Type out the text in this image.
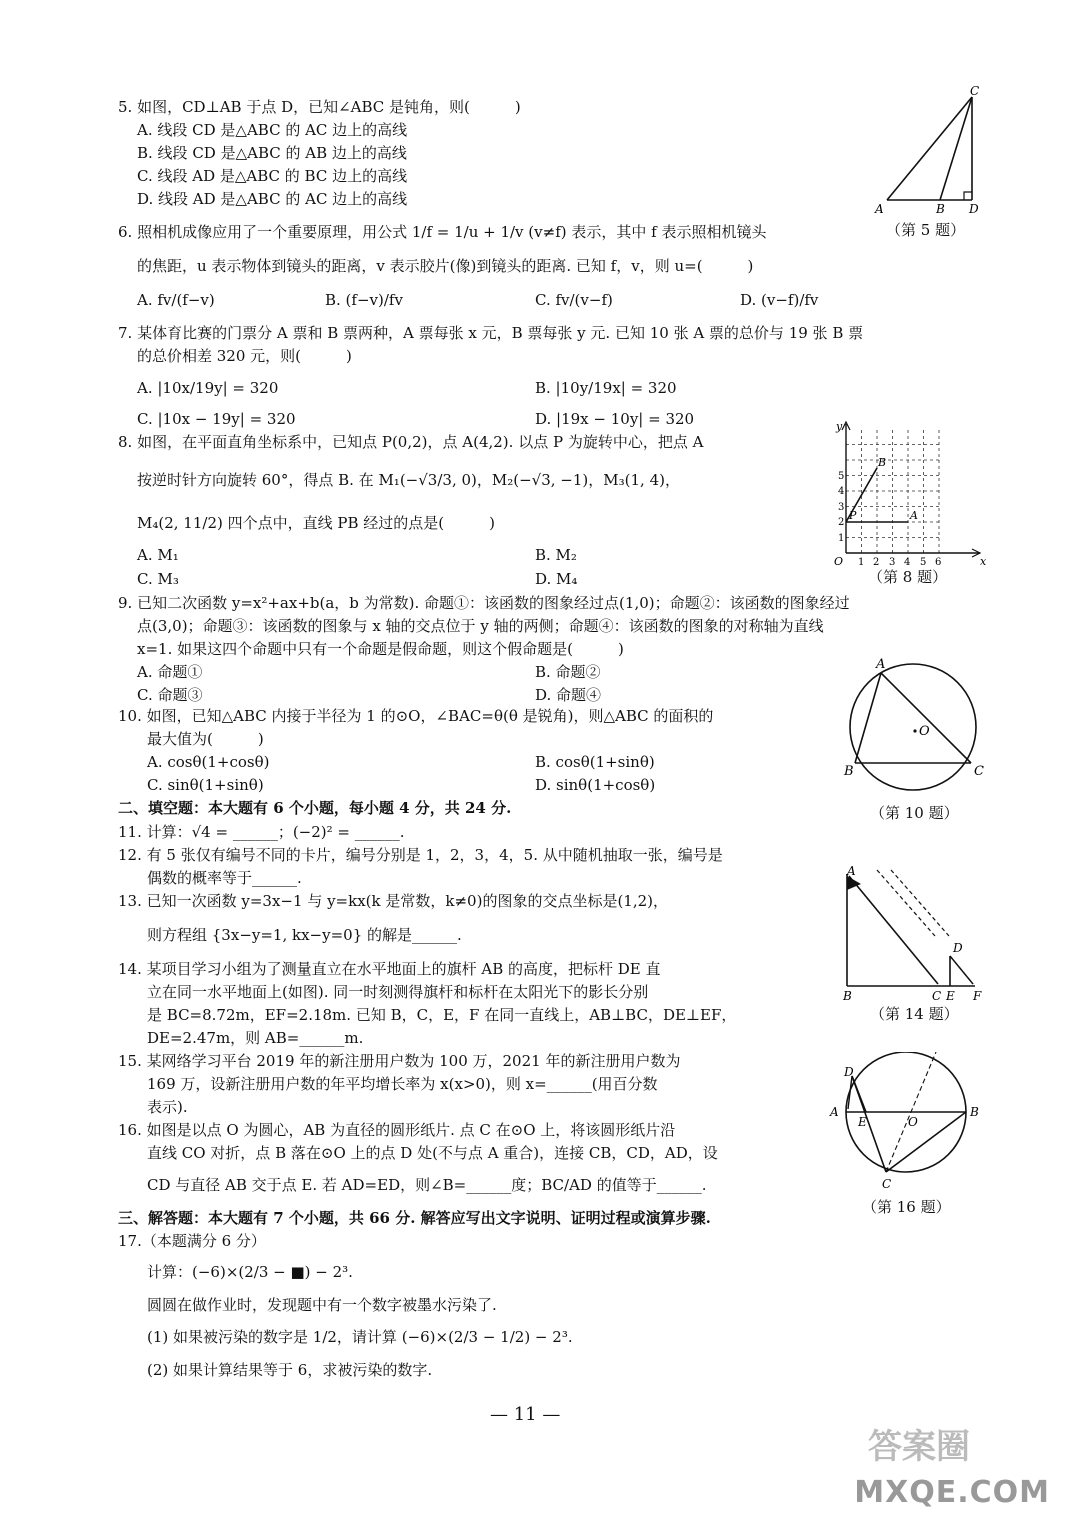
5. 如图，CD⊥AB 于点 D，已知∠ABC 是钝角，则(　　　)
A. 线段 CD 是△ABC 的 AC 边上的高线
B. 线段 CD 是△ABC 的 AB 边上的高线
C. 线段 AD 是△ABC 的 BC 边上的高线
D. 线段 AD 是△ABC 的 AC 边上的高线
6. 照相机成像应用了一个重要原理，用公式 1/f = 1/u + 1/v (v≠f) 表示，其中 f 表示照相机镜头
的焦距，u 表示物体到镜头的距离，v 表示胶片(像)到镜头的距离. 已知 f，v，则 u=(　　　)
A. fv/(f−v)	B. (f−v)/fv	C. fv/(v−f)	D. (v−f)/fv
7. 某体育比赛的门票分 A 票和 B 票两种，A 票每张 x 元，B 票每张 y 元. 已知 10 张 A 票的总价与 19 张 B 票
的总价相差 320 元，则(　　　)
A. |10x/19y| = 320	B. |10y/19x| = 320
C. |10x − 19y| = 320	D. |19x − 10y| = 320
8. 如图，在平面直角坐标系中，已知点 P(0,2)，点 A(4,2). 以点 P 为旋转中心，把点 A
按逆时针方向旋转 60°，得点 B. 在 M₁(−√3/3, 0)，M₂(−√3, −1)，M₃(1, 4)，
M₄(2, 11/2) 四个点中，直线 PB 经过的点是(　　　)
A. M₁	B. M₂
C. M₃	D. M₄
9. 已知二次函数 y=x²+ax+b(a，b 为常数). 命题①：该函数的图象经过点(1,0)；命题②：该函数的图象经过
点(3,0)；命题③：该函数的图象与 x 轴的交点位于 y 轴的两侧；命题④：该函数的图象的对称轴为直线
x=1. 如果这四个命题中只有一个命题是假命题，则这个假命题是(　　　)
A. 命题①	B. 命题②
C. 命题③	D. 命题④
10. 如图，已知△ABC 内接于半径为 1 的⊙O，∠BAC=θ(θ 是锐角)，则△ABC 的面积的
最大值为(　　　)
A. cosθ(1+cosθ)	B. cosθ(1+sinθ)
C. sinθ(1+sinθ)	D. sinθ(1+cosθ)
二、填空题：本大题有 6 个小题，每小题 4 分，共 24 分.
11. 计算：√4 = ______；(−2)² = ______.
12. 有 5 张仅有编号不同的卡片，编号分别是 1，2，3，4，5. 从中随机抽取一张，编号是
偶数的概率等于______.
13. 已知一次函数 y=3x−1 与 y=kx(k 是常数，k≠0)的图象的交点坐标是(1,2)，
则方程组 {3x−y=1, kx−y=0} 的解是______.
14. 某项目学习小组为了测量直立在水平地面上的旗杆 AB 的高度，把标杆 DE 直
立在同一水平地面上(如图). 同一时刻测得旗杆和标杆在太阳光下的影长分别
是 BC=8.72m，EF=2.18m. 已知 B，C，E，F 在同一直线上，AB⊥BC，DE⊥EF，
DE=2.47m，则 AB=______m.
15. 某网络学习平台 2019 年的新注册用户数为 100 万，2021 年的新注册用户数为
169 万，设新注册用户数的年平均增长率为 x(x>0)，则 x=______(用百分数
表示).
16. 如图是以点 O 为圆心，AB 为直径的圆形纸片. 点 C 在⊙O 上，将该圆形纸片沿
直线 CO 对折，点 B 落在⊙O 上的点 D 处(不与点 A 重合)，连接 CB，CD，AD，设
CD 与直径 AB 交于点 E. 若 AD=ED，则∠B=______度；BC/AD 的值等于______.
三、解答题：本大题有 7 个小题，共 66 分. 解答应写出文字说明、证明过程或演算步骤.
17.（本题满分 6 分）
计算：(−6)×(2/3 − ■) − 2³.
圆圆在做作业时，发现题中有一个数字被墨水污染了.
(1) 如果被污染的数字是 1/2，请计算 (−6)×(2/3 − 1/2) − 2³.
(2) 如果计算结果等于 6，求被污染的数字.
C
A	B D
（第 5 题）
y
x
O
B
P	A
1
2
3
4
5
1 2 3 4 5 6
（第 8 题）
A
B	C
O
（第 10 题）
A
B	C
D
E F
（第 14 题）
D
A
E	O
B
C
（第 16 题）
— 11 —
答案圈
MXQE.COM
